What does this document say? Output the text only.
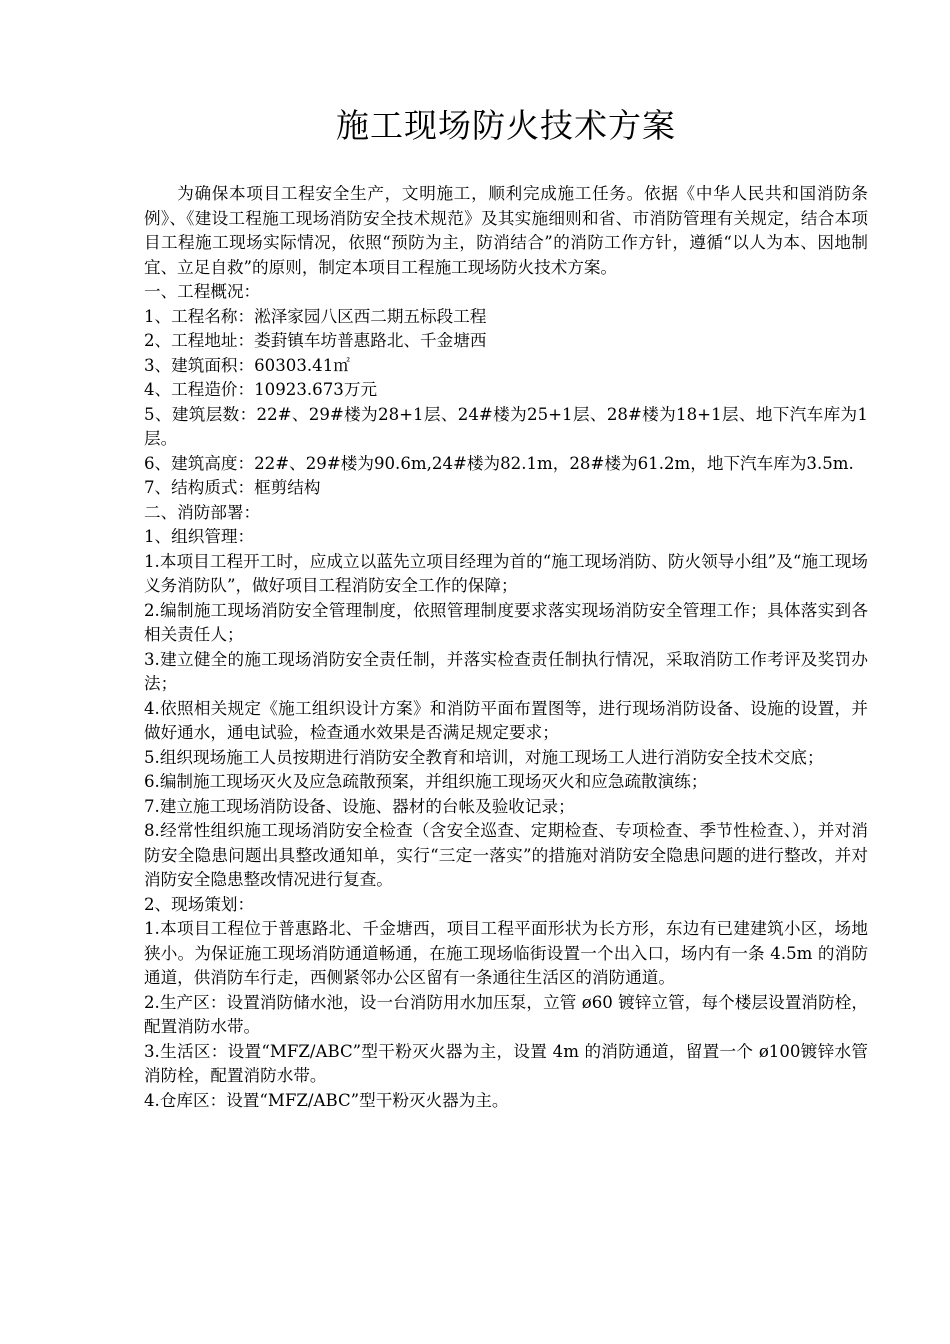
施工现场防火技术方案

为确保本项目工程安全生产，文明施工，顺利完成施工任务。依据《中华人民共和国消防条例》、《建设工程施工现场消防安全技术规范》及其实施细则和省、市消防管理有关规定，结合本项目工程施工现场实际情况，依照“预防为主，防消结合”的消防工作方针，遵循“以人为本、因地制宜、立足自救”的原则，制定本项目工程施工现场防火技术方案。

一、工程概况：

1、工程名称：淞泽家园八区西二期五标段工程

2、工程地址：娄葑镇车坊普惠路北、千金塘西

3、建筑面积：60303.41㎡

4、工程造价：10923.673万元

5、建筑层数：22#、29#楼为28+1层、24#楼为25+1层、28#楼为18+1层、地下汽车库为1层。

6、建筑高度：22#、29#楼为90.6m,24#楼为82.1m，28#楼为61.2m，地下汽车库为3.5m.

7、结构质式：框剪结构

二、消防部署：

1、组织管理：

1.本项目工程开工时，应成立以蓝先立项目经理为首的“施工现场消防、防火领导小组”及“施工现场义务消防队”，做好项目工程消防安全工作的保障；

2.编制施工现场消防安全管理制度，依照管理制度要求落实现场消防安全管理工作；具体落实到各相关责任人；

3.建立健全的施工现场消防安全责任制，并落实检查责任制执行情况，采取消防工作考评及奖罚办法；

4.依照相关规定《施工组织设计方案》和消防平面布置图等，进行现场消防设备、设施的设置，并做好通水，通电试验，检查通水效果是否满足规定要求；

5.组织现场施工人员按期进行消防安全教育和培训，对施工现场工人进行消防安全技术交底；

6.编制施工现场灭火及应急疏散预案，并组织施工现场灭火和应急疏散演练；

7.建立施工现场消防设备、设施、器材的台帐及验收记录；

8.经常性组织施工现场消防安全检查（含安全巡查、定期检查、专项检查、季节性检查、），并对消防安全隐患问题出具整改通知单，实行“三定一落实”的措施对消防安全隐患问题的进行整改，并对消防安全隐患整改情况进行复查。

2、现场策划：

1.本项目工程位于普惠路北、千金塘西，项目工程平面形状为长方形，东边有已建建筑小区，场地狭小。为保证施工现场消防通道畅通，在施工现场临街设置一个出入口，场内有一条 4.5m 的消防通道，供消防车行走，西侧紧邻办公区留有一条通往生活区的消防通道。

2.生产区：设置消防储水池，设一台消防用水加压泵，立管 ø60 镀锌立管，每个楼层设置消防栓，配置消防水带。

3.生活区：设置“MFZ/ABC”型干粉灭火器为主，设置 4m 的消防通道，留置一个 ø100镀锌水管消防栓，配置消防水带。

4.仓库区：设置“MFZ/ABC”型干粉灭火器为主。
